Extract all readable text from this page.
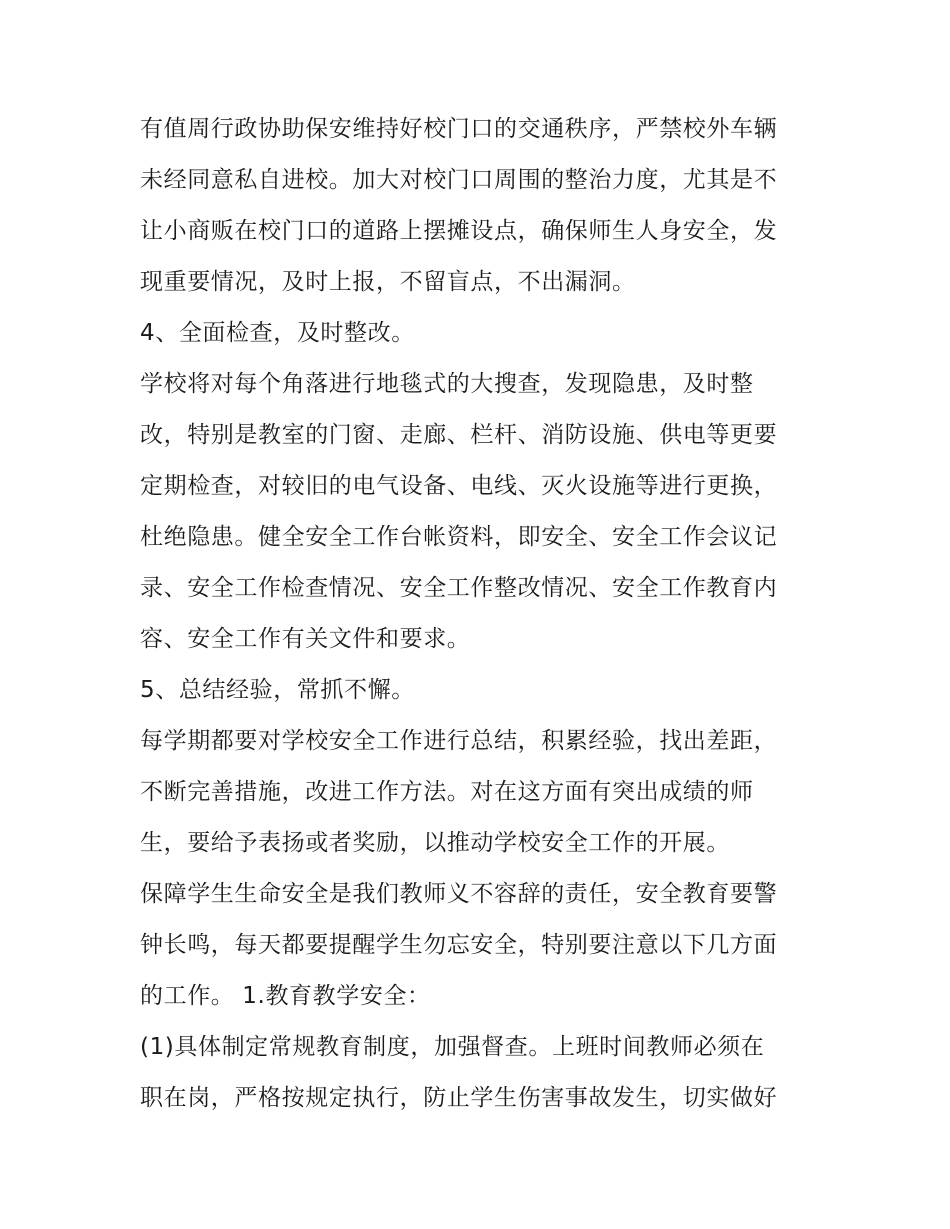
有值周行政协助保安维持好校门口的交通秩序，严禁校外车辆
未经同意私自进校。加大对校门口周围的整治力度，尤其是不
让小商贩在校门口的道路上摆摊设点，确保师生人身安全，发
现重要情况，及时上报，不留盲点，不出漏洞。
4、全面检查，及时整改。
学校将对每个角落进行地毯式的大搜查，发现隐患，及时整
改，特别是教室的门窗、走廊、栏杆、消防设施、供电等更要
定期检查，对较旧的电气设备、电线、灭火设施等进行更换，
杜绝隐患。健全安全工作台帐资料，即安全、安全工作会议记
录、安全工作检查情况、安全工作整改情况、安全工作教育内
容、安全工作有关文件和要求。
5、总结经验，常抓不懈。
每学期都要对学校安全工作进行总结，积累经验，找出差距，
不断完善措施，改进工作方法。对在这方面有突出成绩的师
生，要给予表扬或者奖励，以推动学校安全工作的开展。
保障学生生命安全是我们教师义不容辞的责任，安全教育要警
钟长鸣，每天都要提醒学生勿忘安全，特别要注意以下几方面
的工作。 1.教育教学安全：
(1)具体制定常规教育制度，加强督查。上班时间教师必须在
职在岗，严格按规定执行，防止学生伤害事故发生，切实做好
